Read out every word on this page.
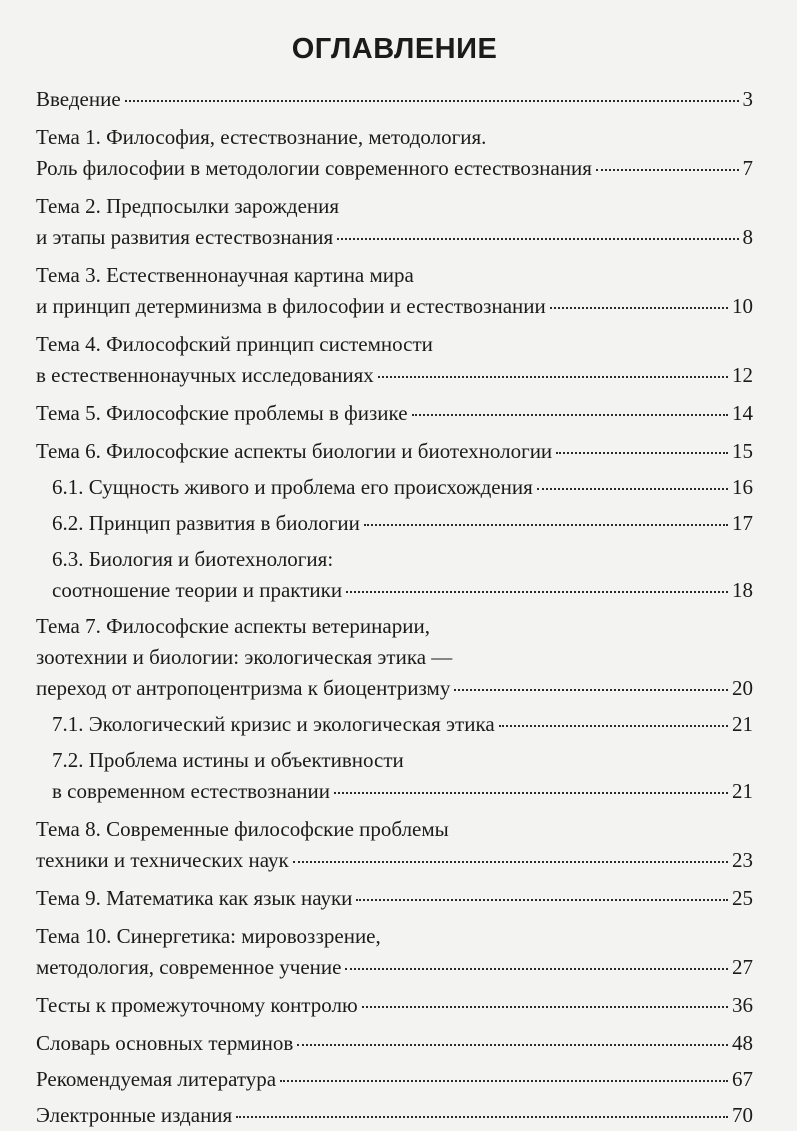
ОГЛАВЛЕНИЕ
Введение	3
Тема 1. Философия, естествознание, методология.
Роль философии в методологии современного естествознания	7
Тема 2. Предпосылки зарождения
и этапы развития естествознания	8
Тема 3. Естественнонаучная картина мира
и принцип детерминизма в философии и естествознании	10
Тема 4. Философский принцип системности
в естественнонаучных исследованиях	12
Тема 5. Философские проблемы в физике	14
Тема 6. Философские аспекты биологии и биотехнологии	15
6.1. Сущность живого и проблема его происхождения	16
6.2. Принцип развития в биологии	17
6.3. Биология и биотехнология:
соотношение теории и практики	18
Тема 7. Философские аспекты ветеринарии,
зоотехнии и биологии: экологическая этика —
переход от антропоцентризма к биоцентризму	20
7.1. Экологический кризис и экологическая этика	21
7.2. Проблема истины и объективности
в современном естествознании	21
Тема 8. Современные философские проблемы
техники и технических наук	23
Тема 9. Математика как язык науки	25
Тема 10. Синергетика: мировоззрение,
методология, современное учение	27
Тесты к промежуточному контролю	36
Словарь основных терминов	48
Рекомендуемая литература	67
Электронные издания	70
